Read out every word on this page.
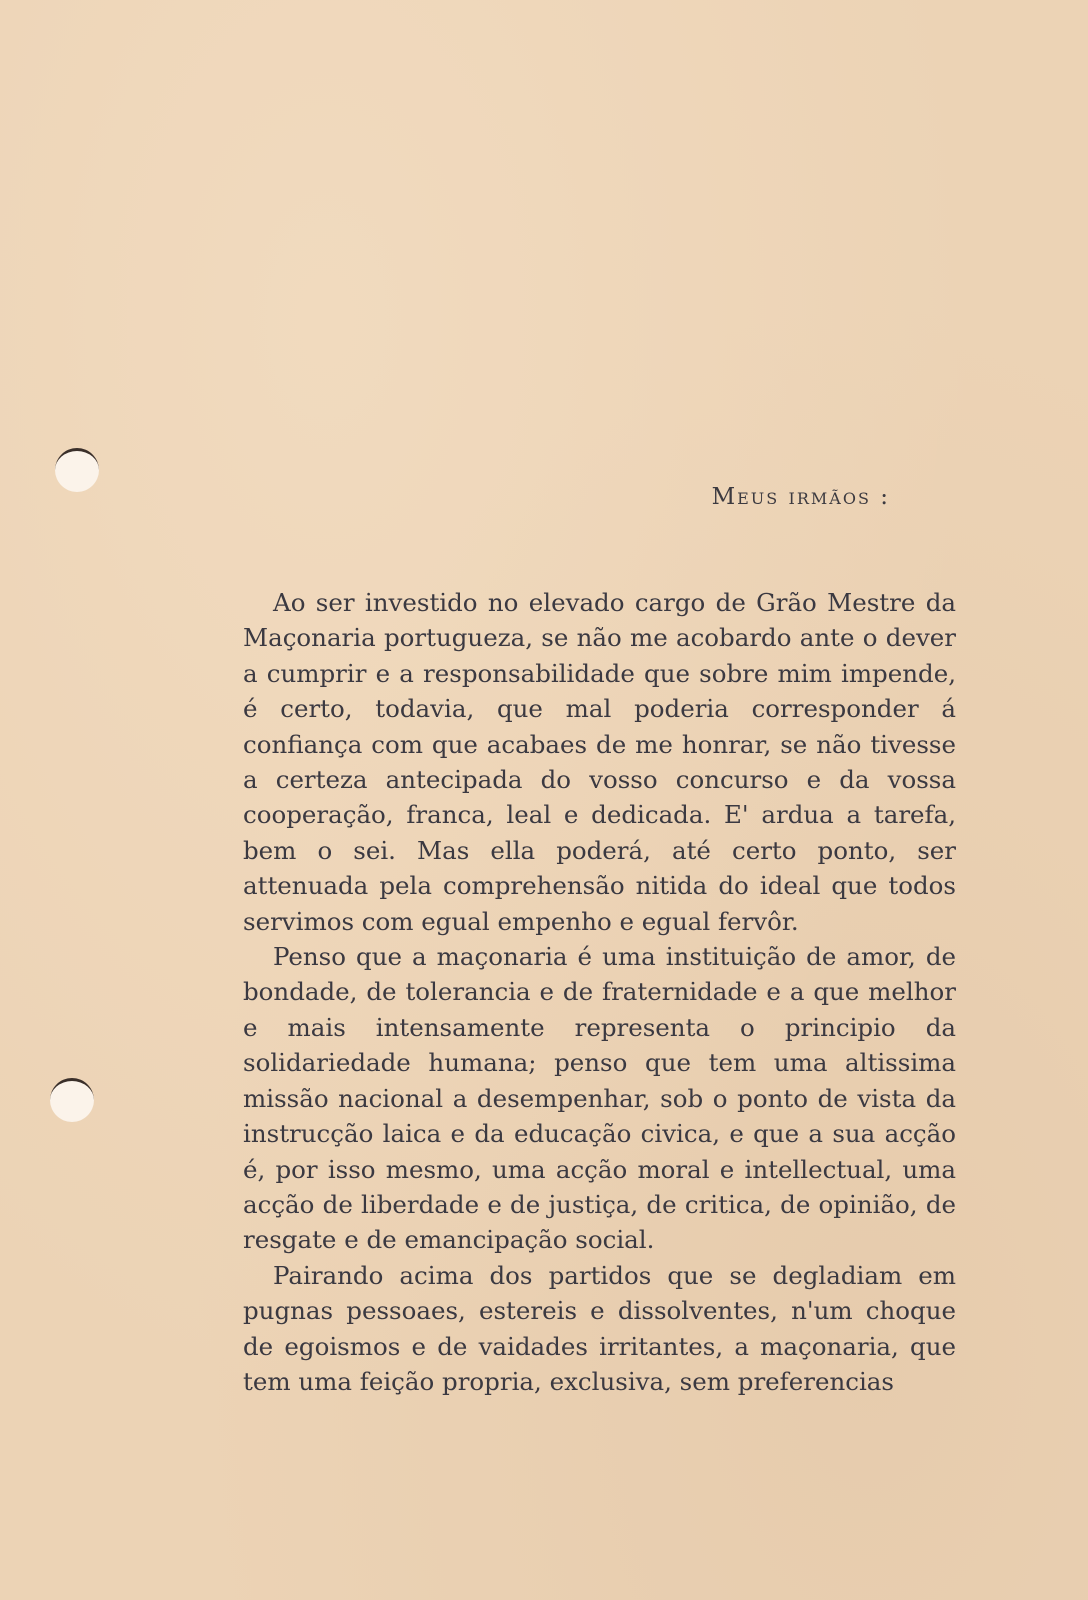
Meus irmãos :

Ao ser investido no elevado cargo de Grão Mestre da Maçonaria portugueza, se não me acobardo ante o dever a cumprir e a responsabilidade que sobre mim impende, é certo, todavia, que mal poderia corresponder á confiança com que acabaes de me honrar, se não tivesse a certeza antecipada do vosso concurso e da vossa cooperação, franca, leal e dedicada. E' ardua a tarefa, bem o sei. Mas ella poderá, até certo ponto, ser attenuada pela comprehensão nitida do ideal que todos servimos com egual empenho e egual fervôr.

Penso que a maçonaria é uma instituição de amor, de bondade, de tolerancia e de fraternidade e a que melhor e mais intensamente representa o principio da solidariedade humana; penso que tem uma altissima missão nacional a desempenhar, sob o ponto de vista da instrucção laica e da educação civica, e que a sua acção é, por isso mesmo, uma acção moral e intellectual, uma acção de liberdade e de justiça, de critica, de opinião, de resgate e de emancipação social.

Pairando acima dos partidos que se degladiam em pugnas pessoaes, estereis e dissolventes, n'um choque de egoismos e de vaidades irritantes, a maçonaria, que tem uma feição propria, exclusiva, sem preferencias
